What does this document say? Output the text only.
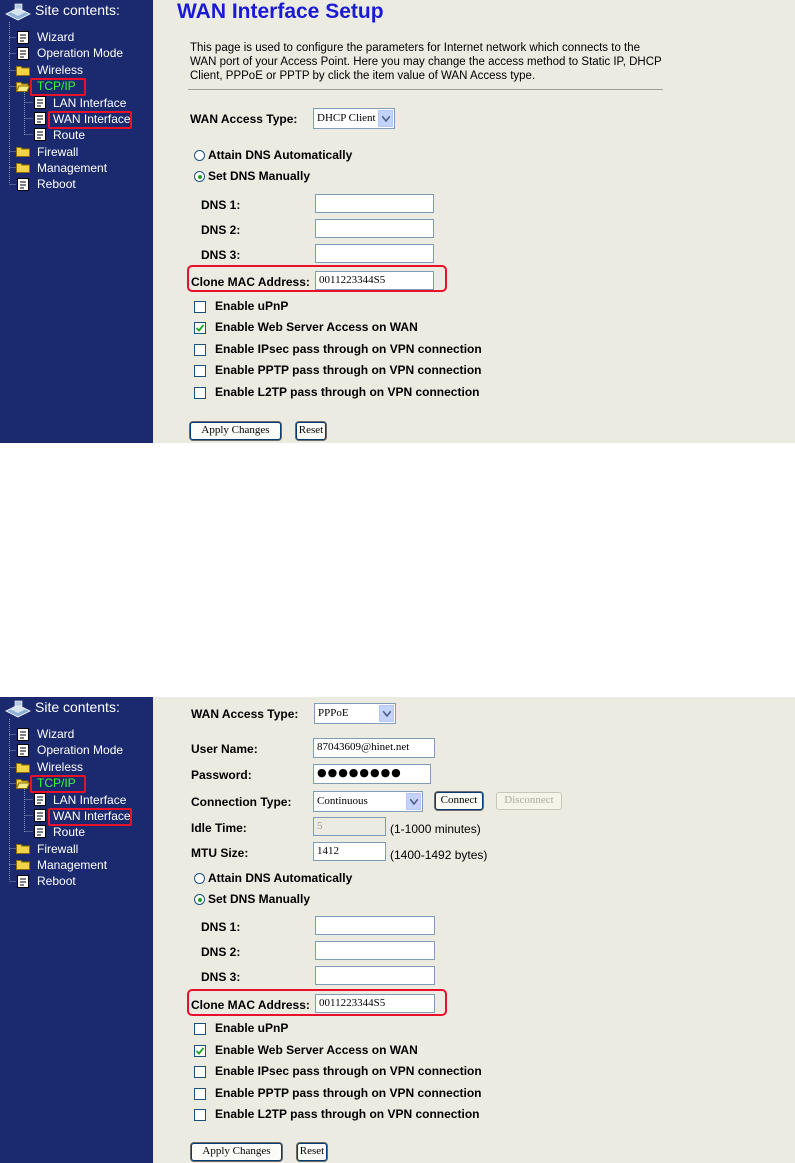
Site contents:
Wizard
Operation Mode
Wireless
TCP/IP
LAN Interface
WAN Interface
Route
Firewall
Management
Reboot
WAN Interface Setup
This page is used to configure the parameters for Internet network which connects to the WAN port of your Access Point. Here you may change the access method to Static IP, DHCP Client, PPPoE or PPTP by click the item value of WAN Access type.
WAN Access Type:	DHCP Client
Attain DNS Automatically
Set DNS Manually
DNS 1:
DNS 2:
DNS 3:
Clone MAC Address: 0011223344S5
Enable uPnP
Enable Web Server Access on WAN
Enable IPsec pass through on VPN connection
Enable PPTP pass through on VPN connection
Enable L2TP pass through on VPN connection
Apply Changes	Reset
Site contents:
Wizard
Operation Mode
Wireless
TCP/IP
LAN Interface
WAN Interface
Route
Firewall
Management
Reboot
WAN Access Type:	PPPoE
User Name:	87043609@hinet.net
Password:	●●●●●●●●
Connection Type:	Continuous	Connect	Disconnect
Idle Time:	5	(1-1000 minutes)
MTU Size:	1412	(1400-1492 bytes)
Attain DNS Automatically
Set DNS Manually
DNS 1:
DNS 2:
DNS 3:
Clone MAC Address: 0011223344S5
Enable uPnP
Enable Web Server Access on WAN
Enable IPsec pass through on VPN connection
Enable PPTP pass through on VPN connection
Enable L2TP pass through on VPN connection
Apply Changes	Reset
